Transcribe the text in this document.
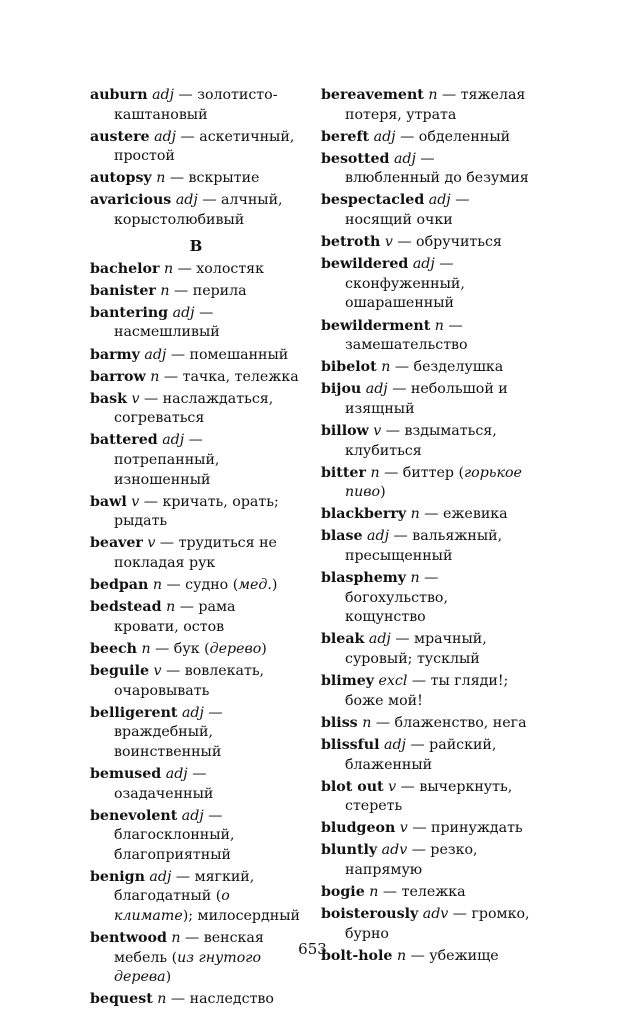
auburn adj — золотисто-каштановый
austere adj — аскетичный, простой
autopsy n — вскрытие
avaricious adj — алчный, корыстолюбивый
B
bachelor n — холостяк
banister n — перила
bantering adj — насмешливый
barmy adj — помешанный
barrow n — тачка, тележка
bask v — наслаждаться, согреваться
battered adj — потрепанный, изношенный
bawl v — кричать, орать; рыдать
beaver v — трудиться не покладая рук
bedpan n — судно (мед.)
bedstead n — рама кровати, остов
beech n — бук (дерево)
beguile v — вовлекать, очаровывать
belligerent adj — враждебный, воинственный
bemused adj — озадаченный
benevolent adj — благосклонный, благоприятный
benign adj — мягкий, благодатный (о климате); милосердный
bentwood n — венская мебель (из гнутого дерева)
bequest n — наследство
bereavement n — тяжелая потеря, утрата
bereft adj — обделенный
besotted adj — влюбленный до безумия
bespectacled adj — носящий очки
betroth v — обручиться
bewildered adj — сконфуженный, ошарашенный
bewilderment n — замешательство
bibelot n — безделушка
bijou adj — небольшой и изящный
billow v — вздыматься, клубиться
bitter n — биттер (горькое пиво)
blackberry n — ежевика
blase adj — вальяжный, пресыщенный
blasphemy n — богохульство, кощунство
bleak adj — мрачный, суровый; тусклый
blimey excl — ты гляди!; боже мой!
bliss n — блаженство, нега
blissful adj — райский, блаженный
blot out v — вычеркнуть, стереть
bludgeon v — принуждать
bluntly adv — резко, напрямую
bogie n — тележка
boisterously adv — громко, бурно
bolt-hole n — убежище
653
